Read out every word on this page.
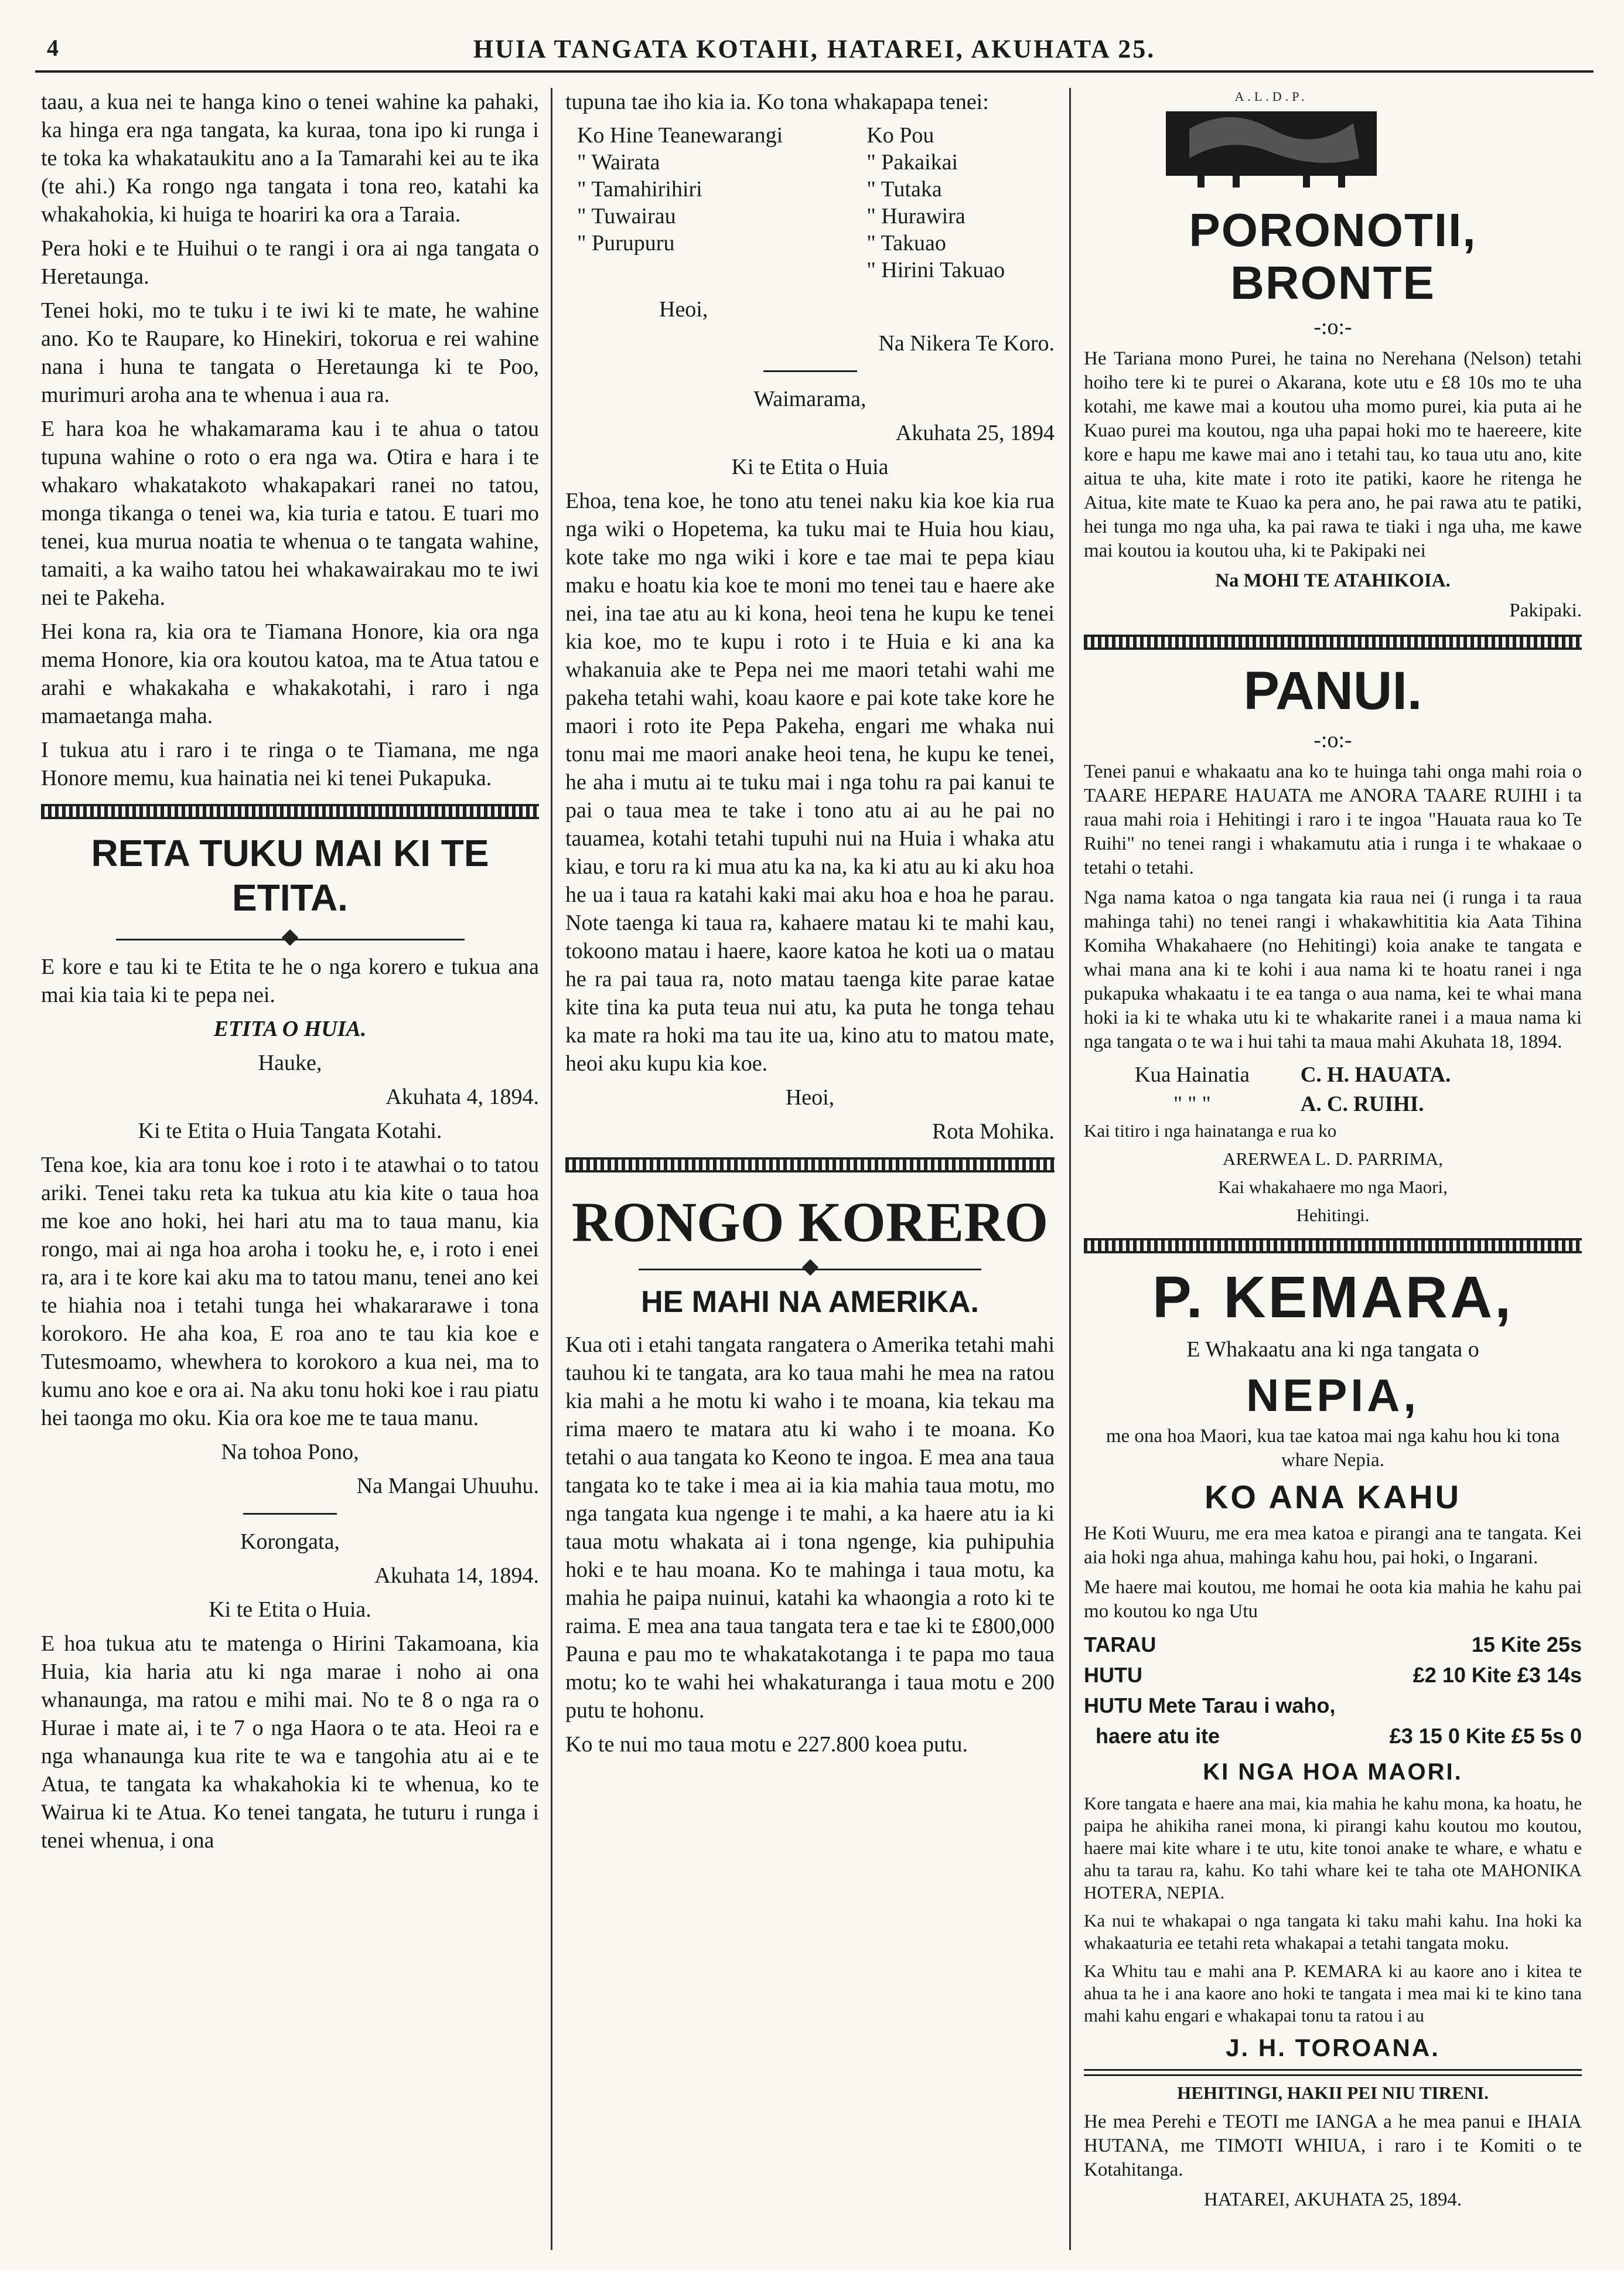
4	HUIA TANGATA KOTAHI, HATAREI, AKUHATA 25.

taau, a kua nei te hanga kino o tenei wahine ka pahaki, ka hinga era nga tangata, ka kuraa, tona ipo ki runga i te toka ka whakataukitu ano a Ia Tamarahi kei au te ika (te ahi.) Ka rongo nga tangata i tona reo, katahi ka whakahokia, ki huiga te hoariri ka ora a Taraia.

Pera hoki e te Huihui o te rangi i ora ai nga tangata o Heretaunga.

Tenei hoki, mo te tuku i te iwi ki te mate, he wahine ano. Ko te Raupare, ko Hinekiri, tokorua e rei wahine nana i huna te tangata o Heretaunga ki te Poo, murimuri aroha ana te whenua i aua ra.

E hara koa he whakamarama kau i te ahua o tatou tupuna wahine o roto o era nga wa. Otira e hara i te whakaro whakatakoto whakapakari ranei no tatou, monga tikanga o tenei wa, kia turia e tatou. E tuari mo tenei, kua murua noatia te whenua o te tangata wahine, tamaiti, a ka waiho tatou hei whakawairakau mo te iwi nei te Pakeha.

Hei kona ra, kia ora te Tiamana Honore, kia ora nga mema Honore, kia ora koutou katoa, ma te Atua tatou e arahi e whakakaha e whakakotahi, i raro i nga mamaetanga maha.

I tukua atu i raro i te ringa o te Tiamana, me nga Honore memu, kua hainatia nei ki tenei Pukapuka.

RETA TUKU MAI KI TE ETITA.

E kore e tau ki te Etita te he o nga korero e tukua ana mai kia taia ki te pepa nei.

ETITA O HUIA.

Hauke,

Akuhata 4, 1894.

Ki te Etita o Huia Tangata Kotahi.

Tena koe, kia ara tonu koe i roto i te atawhai o to tatou ariki. Tenei taku reta ka tukua atu kia kite o taua hoa me koe ano hoki, hei hari atu ma to taua manu, kia rongo, mai ai nga hoa aroha i tooku he, e, i roto i enei ra, ara i te kore kai aku ma to tatou manu, tenei ano kei te hiahia noa i tetahi tunga hei whakararawe i tona korokoro. He aha koa, E roa ano te tau kia koe e Tutesmoamo, whewhera to korokoro a kua nei, ma to kumu ano koe e ora ai. Na aku tonu hoki koe i rau piatu hei taonga mo oku. Kia ora koe me te taua manu.

Na tohoa Pono,

Na Mangai Uhuuhu.

Korongata,

Akuhata 14, 1894.

Ki te Etita o Huia.

E hoa tukua atu te matenga o Hirini Takamoana, kia Huia, kia haria atu ki nga marae i noho ai ona whanaunga, ma ratou e mihi mai. No te 8 o nga ra o Hurae i mate ai, i te 7 o nga Haora o te ata. Heoi ra e nga whanaunga kua rite te wa e tangohia atu ai e te Atua, te tangata ka whakahokia ki te whenua, ko te Wairua ki te Atua. Ko tenei tangata, he tuturu i runga i tenei whenua, i ona

tupuna tae iho kia ia. Ko tona whakapapa tenei:

Ko Hine Teanewarangi	Ko Pou
" Wairata	" Pakaikai
" Tamahirihiri	" Tutaka
" Tuwairau	" Hurawira
" Purupuru	" Takuao
	" Hirini Takuao

Heoi,

Na Nikera Te Koro.

Waimarama,

Akuhata 25, 1894

Ki te Etita o Huia

Ehoa, tena koe, he tono atu tenei naku kia koe kia rua nga wiki o Hopetema, ka tuku mai te Huia hou kiau, kote take mo nga wiki i kore e tae mai te pepa kiau maku e hoatu kia koe te moni mo tenei tau e haere ake nei, ina tae atu au ki kona, heoi tena he kupu ke tenei kia koe, mo te kupu i roto i te Huia e ki ana ka whakanuia ake te Pepa nei me maori tetahi wahi me pakeha tetahi wahi, koau kaore e pai kote take kore he maori i roto ite Pepa Pakeha, engari me whaka nui tonu mai me maori anake heoi tena, he kupu ke tenei, he aha i mutu ai te tuku mai i nga tohu ra pai kanui te pai o taua mea te take i tono atu ai au he pai no tauamea, kotahi tetahi tupuhi nui na Huia i whaka atu kiau, e toru ra ki mua atu ka na, ka ki atu au ki aku hoa he ua i taua ra katahi kaki mai aku hoa e hoa he parau. Note taenga ki taua ra, kahaere matau ki te mahi kau, tokoono matau i haere, kaore katoa he koti ua o matau he ra pai taua ra, noto matau taenga kite parae katae kite tina ka puta teua nui atu, ka puta he tonga tehau ka mate ra hoki ma tau ite ua, kino atu to matou mate, heoi aku kupu kia koe.

Heoi,

Rota Mohika.

RONGO KORERO
HE MAHI NA AMERIKA.

Kua oti i etahi tangata rangatera o Amerika tetahi mahi tauhou ki te tangata, ara ko taua mahi he mea na ratou kia mahi a he motu ki waho i te moana, kia tekau ma rima maero te matara atu ki waho i te moana. Ko tetahi o aua tangata ko Keono te ingoa. E mea ana taua tangata ko te take i mea ai ia kia mahia taua motu, mo nga tangata kua ngenge i te mahi, a ka haere atu ia ki taua motu whakata ai i tona ngenge, kia puhipuhia hoki e te hau moana. Ko te mahinga i taua motu, ka mahia he paipa nuinui, katahi ka whaongia a roto ki te raima. E mea ana taua tangata tera e tae ki te £800,000 Pauna e pau mo te whakatakotanga i te papa mo taua motu; ko te wahi hei whakaturanga i taua motu e 200 putu te hohonu.

Ko te nui mo taua motu e 227.800 koea putu.

A.L.D.P.
PORONOTII, BRONTE

-:o:-

He Tariana mono Purei, he taina no Nerehana (Nelson) tetahi hoiho tere ki te purei o Akarana, kote utu e £8 10s mo te uha kotahi, me kawe mai a koutou uha momo purei, kia puta ai he Kuao purei ma koutou, nga uha papai hoki mo te haereere, kite kore e hapu me kawe mai ano i tetahi tau, ko taua utu ano, kite aitua te uha, kite mate i roto ite patiki, kaore he ritenga he Aitua, kite mate te Kuao ka pera ano, he pai rawa atu te patiki, hei tunga mo nga uha, ka pai rawa te tiaki i nga uha, me kawe mai koutou ia koutou uha, ki te Pakipaki nei

Na MOHI TE ATAHIKOIA.

Pakipaki.

PANUI.

-:o:-

Tenei panui e whakaatu ana ko te huinga tahi onga mahi roia o TAARE HEPARE HAUATA me ANORA TAARE RUIHI i ta raua mahi roia i Hehitingi i raro i te ingoa "Hauata raua ko Te Ruihi" no tenei rangi i whakamutu atia i runga i te whakaae o tetahi o tetahi.

Nga nama katoa o nga tangata kia raua nei (i runga i ta raua mahinga tahi) no tenei rangi i whakawhititia kia Aata Tihina Komiha Whakahaere (no Hehitingi) koia anake te tangata e whai mana ana ki te kohi i aua nama ki te hoatu ranei i nga pukapuka whakaatu i te ea tanga o aua nama, kei te whai mana hoki ia ki te whaka utu ki te whakarite ranei i a maua nama ki nga tangata o te wa i hui tahi ta maua mahi Akuhata 18, 1894.

Kua Hainatia	C. H. HAUATA.
" " "	A. C. RUIHI.

Kai titiro i nga hainatanga e rua ko

ARERWEA L. D. PARRIMA,

Kai whakahaere mo nga Maori,

Hehitingi.

P. KEMARA,

E Whakaatu ana ki nga tangata o

NEPIA,

me ona hoa Maori, kua tae katoa mai nga kahu hou ki tona whare Nepia.

KO ANA KAHU

He Koti Wuuru, me era mea katoa e pirangi ana te tangata. Kei aia hoki nga ahua, mahinga kahu hou, pai hoki, o Ingarani.

Me haere mai koutou, me homai he oota kia mahia he kahu pai mo koutou ko nga Utu

TARAU	15 Kite 25s
HUTU	£2 10 Kite £3 14s
HUTU Mete Tarau i waho,	
haere atu ite	£3 15 0 Kite £5 5s 0
KI NGA HOA MAORI.

Kore tangata e haere ana mai, kia mahia he kahu mona, ka hoatu, he paipa he ahikiha ranei mona, ki pirangi kahu koutou mo koutou, haere mai kite whare i te utu, kite tonoi anake te whare, e whatu e ahu ta tarau ra, kahu. Ko tahi whare kei te taha ote MAHONIKA HOTERA, NEPIA.

Ka nui te whakapai o nga tangata ki taku mahi kahu. Ina hoki ka whakaaturia ee tetahi reta whakapai a tetahi tangata moku.

Ka Whitu tau e mahi ana P. KEMARA ki au kaore ano i kitea te ahua ta he i ana kaore ano hoki te tangata i mea mai ki te kino tana mahi kahu engari e whakapai tonu ta ratou i au

J. H. TOROANA.

HEHITINGI, HAKII PEI NIU TIRENI.

He mea Perehi e TEOTI me IANGA a he mea panui e IHAIA HUTANA, me TIMOTI WHIUA, i raro i te Komiti o te Kotahitanga.

HATAREI, AKUHATA 25, 1894.
